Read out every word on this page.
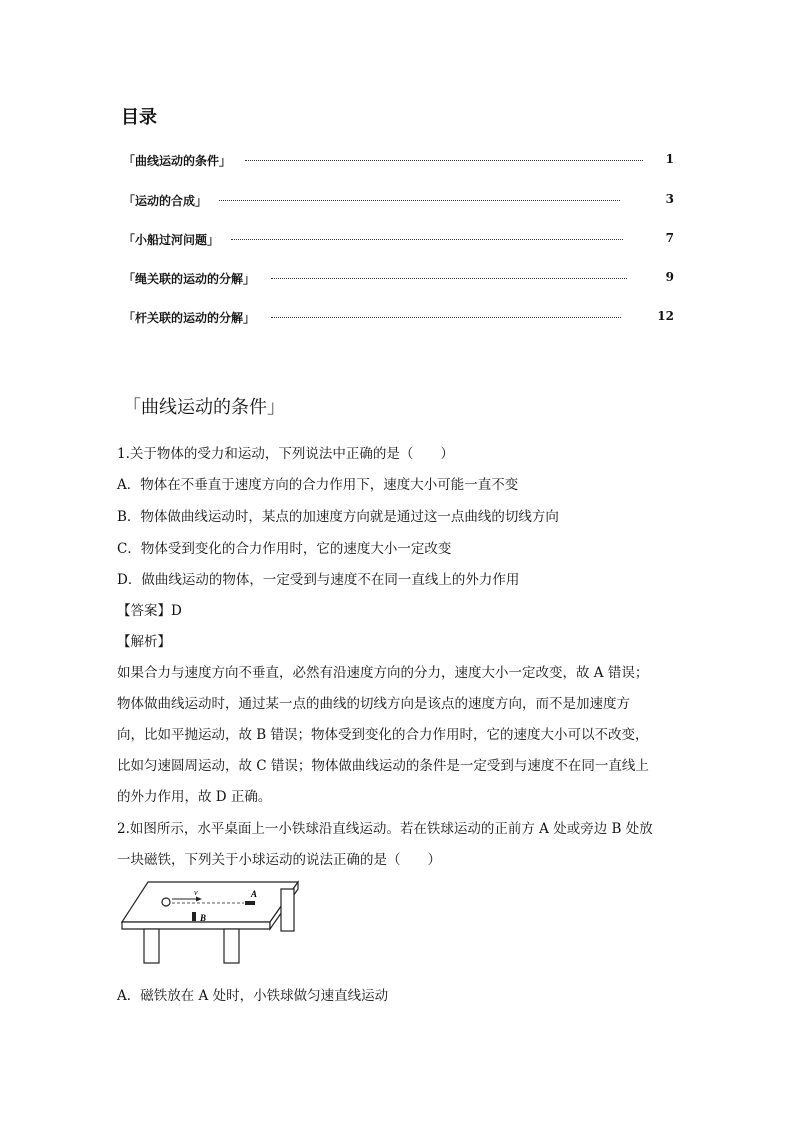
目录
「曲线运动的条件」	1
「运动的合成」	3
「小船过河问题」	7
「绳关联的运动的分解」	9
「杆关联的运动的分解」	12
「曲线运动的条件」
1.关于物体的受力和运动，下列说法中正确的是（　　）
A．物体在不垂直于速度方向的合力作用下，速度大小可能一直不变
B．物体做曲线运动时，某点的加速度方向就是通过这一点曲线的切线方向
C．物体受到变化的合力作用时，它的速度大小一定改变
D．做曲线运动的物体，一定受到与速度不在同一直线上的外力作用
【答案】D
【解析】
如果合力与速度方向不垂直，必然有沿速度方向的分力，速度大小一定改变，故 A 错误；
物体做曲线运动时，通过某一点的曲线的切线方向是该点的速度方向，而不是加速度方
向，比如平抛运动，故 B 错误；物体受到变化的合力作用时，它的速度大小可以不改变，
比如匀速圆周运动，故 C 错误；物体做曲线运动的条件是一定受到与速度不在同一直线上
的外力作用，故 D 正确。
2.如图所示，水平桌面上一小铁球沿直线运动。若在铁球运动的正前方 A 处或旁边 B 处放
一块磁铁，下列关于小球运动的说法正确的是（　　）
v	A
B
A．磁铁放在 A 处时，小铁球做匀速直线运动
